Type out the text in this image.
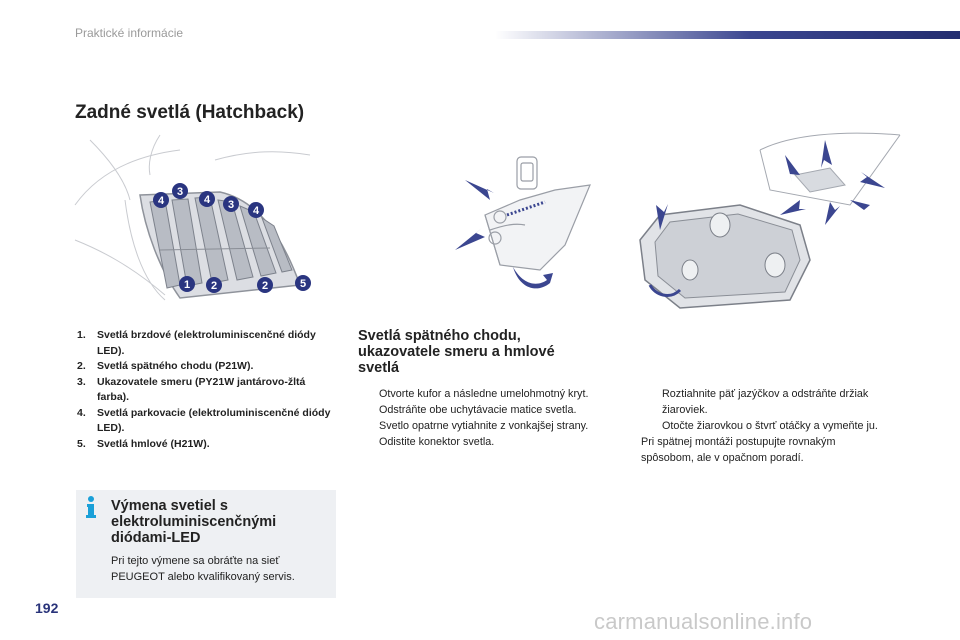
Praktické informácie
Zadné svetlá (Hatchback)
4
3
4 3 4
1 2	2	5
1.	Svetlá brzdové (elektroluminiscenčné diódy LED).
2.	Svetlá spätného chodu (P21W).
3.	Ukazovatele smeru (PY21W jantárovo-žltá farba).
4.	Svetlá parkovacie (elektroluminiscenčné diódy LED).
5.	Svetlá hmlové (H21W).
Výmena svetiel s elektroluminiscenčnými diódami-LED
Pri tejto výmene sa obráťte na sieť PEUGEOT alebo kvalifikovaný servis.
Svetlá spätného chodu, ukazovatele smeru a hmlové svetlá
Otvorte kufor a následne umelohmotný kryt.
Odstráňte obe uchytávacie matice svetla.
Svetlo opatrne vytiahnite z vonkajšej strany.
Odistite konektor svetla.
Roztiahnite päť jazýčkov a odstráňte držiak žiaroviek.
Otočte žiarovkou o štvrť otáčky a vymeňte ju.
Pri spätnej montáži postupujte rovnakým spôsobom, ale v opačnom poradí.
192
carmanualsonline.info
